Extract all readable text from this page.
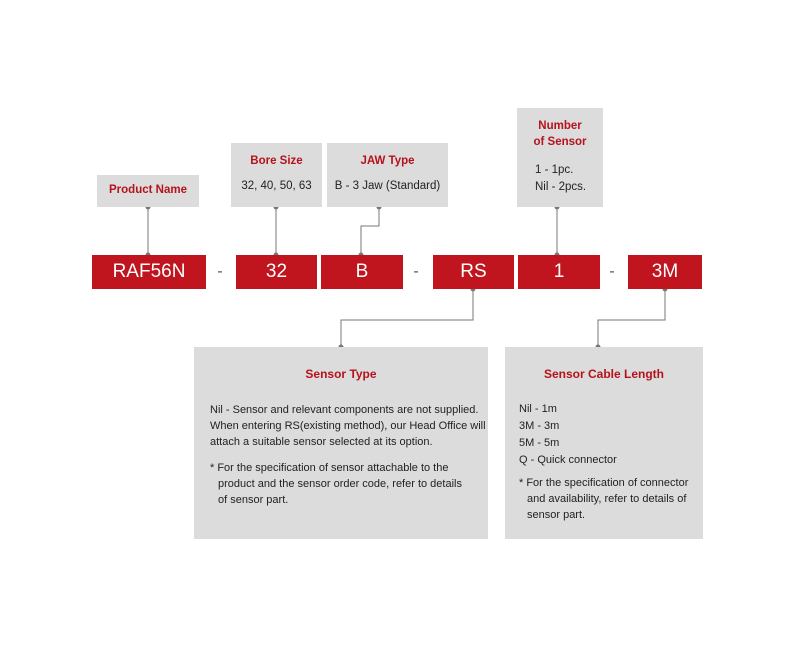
Product Name
Bore Size
32, 40, 50, 63
JAW Type
B - 3 Jaw (Standard)
Number
of Sensor
1 - 1pc.
Nil - 2pcs.
RAF56N	-	32	B	-	RS	1	-	3M
Sensor Type
Nil - Sensor and relevant components are not supplied.
When entering RS(existing method), our Head Office will
attach a suitable sensor selected at its option.
* For the specification of sensor attachable to the
product and the sensor order code, refer to details
of sensor part.
Sensor Cable Length
Nil - 1m
3M - 3m
5M - 5m
Q - Quick connector
* For the specification of connector
and availability, refer to details of
sensor part.
